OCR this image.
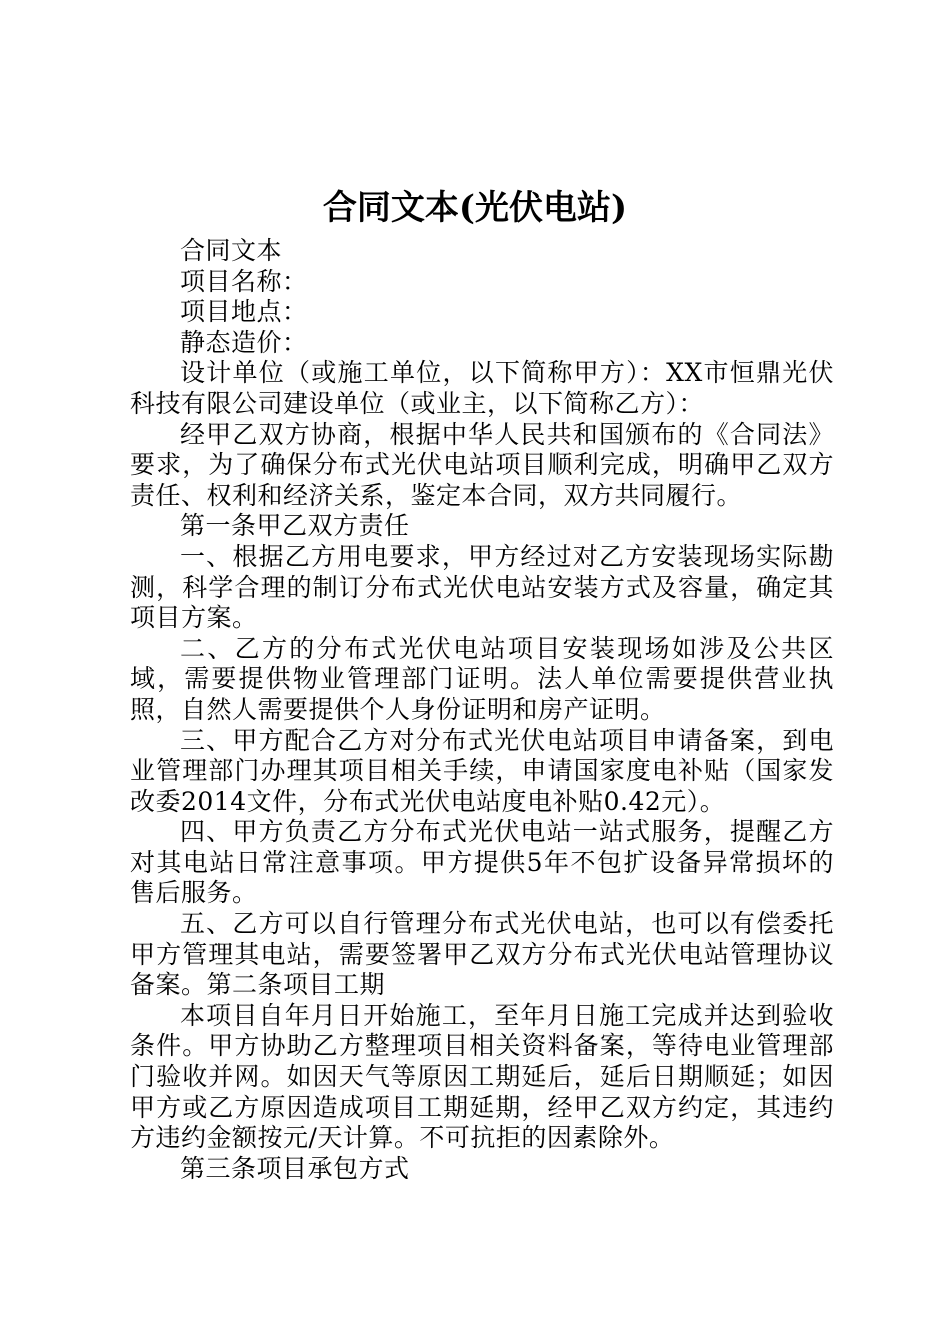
合同文本(光伏电站)

合同文本

项目名称：

项目地点：

静态造价：

设计单位（或施工单位，以下简称甲方）：XX市恒鼎光伏科技有限公司建设单位（或业主，以下简称乙方）：

经甲乙双方协商，根据中华人民共和国颁布的《合同法》要求，为了确保分布式光伏电站项目顺利完成，明确甲乙双方责任、权利和经济关系，鉴定本合同，双方共同履行。

第一条甲乙双方责任

一、根据乙方用电要求，甲方经过对乙方安装现场实际勘测，科学合理的制订分布式光伏电站安装方式及容量，确定其项目方案。

二、乙方的分布式光伏电站项目安装现场如涉及公共区域，需要提供物业管理部门证明。法人单位需要提供营业执照，自然人需要提供个人身份证明和房产证明。

三、甲方配合乙方对分布式光伏电站项目申请备案，到电业管理部门办理其项目相关手续，申请国家度电补贴（国家发改委2014文件，分布式光伏电站度电补贴0.42元）。

四、甲方负责乙方分布式光伏电站一站式服务，提醒乙方对其电站日常注意事项。甲方提供5年不包扩设备异常损坏的售后服务。

五、乙方可以自行管理分布式光伏电站，也可以有偿委托甲方管理其电站，需要签署甲乙双方分布式光伏电站管理协议备案。第二条项目工期

本项目自年月日开始施工，至年月日施工完成并达到验收条件。甲方协助乙方整理项目相关资料备案，等待电业管理部门验收并网。如因天气等原因工期延后，延后日期顺延；如因甲方或乙方原因造成项目工期延期，经甲乙双方约定，其违约方违约金额按元/天计算。不可抗拒的因素除外。

第三条项目承包方式
